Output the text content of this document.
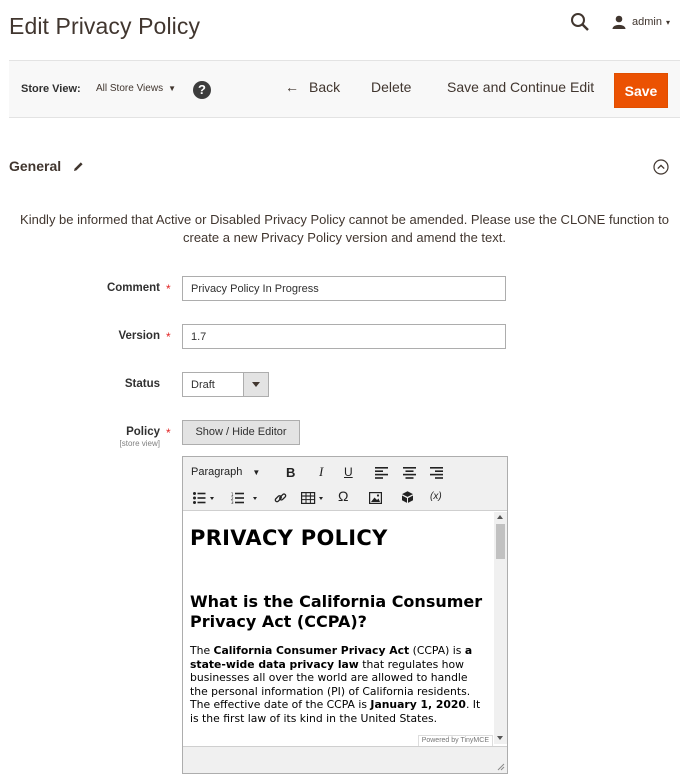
Edit Privacy Policy	admin ▾
Store View: All Store Views ▼	?	← Back Delete	Save and Continue Edit	Save
General

Kindly be informed that Active or Disabled Privacy Policy cannot be amended. Please use the CLONE function to create a new Privacy Policy version and amend the text.

Comment *
Privacy Policy In Progress
Version *
1.7
Status	Draft
Policy *
[store view]
Show / Hide Editor
Paragraph ▼ B I U
1
2
3	Ω	(x)
PRIVACY POLICY
What is the California Consumer Privacy Act (CCPA)?

The California Consumer Privacy Act (CCPA) is a state-wide data privacy law that regulates how businesses all over the world are allowed to handle the personal information (PI) of California residents. The effective date of the CCPA is January 1, 2020. It is the first law of its kind in the United States.

Powered by TinyMCE
